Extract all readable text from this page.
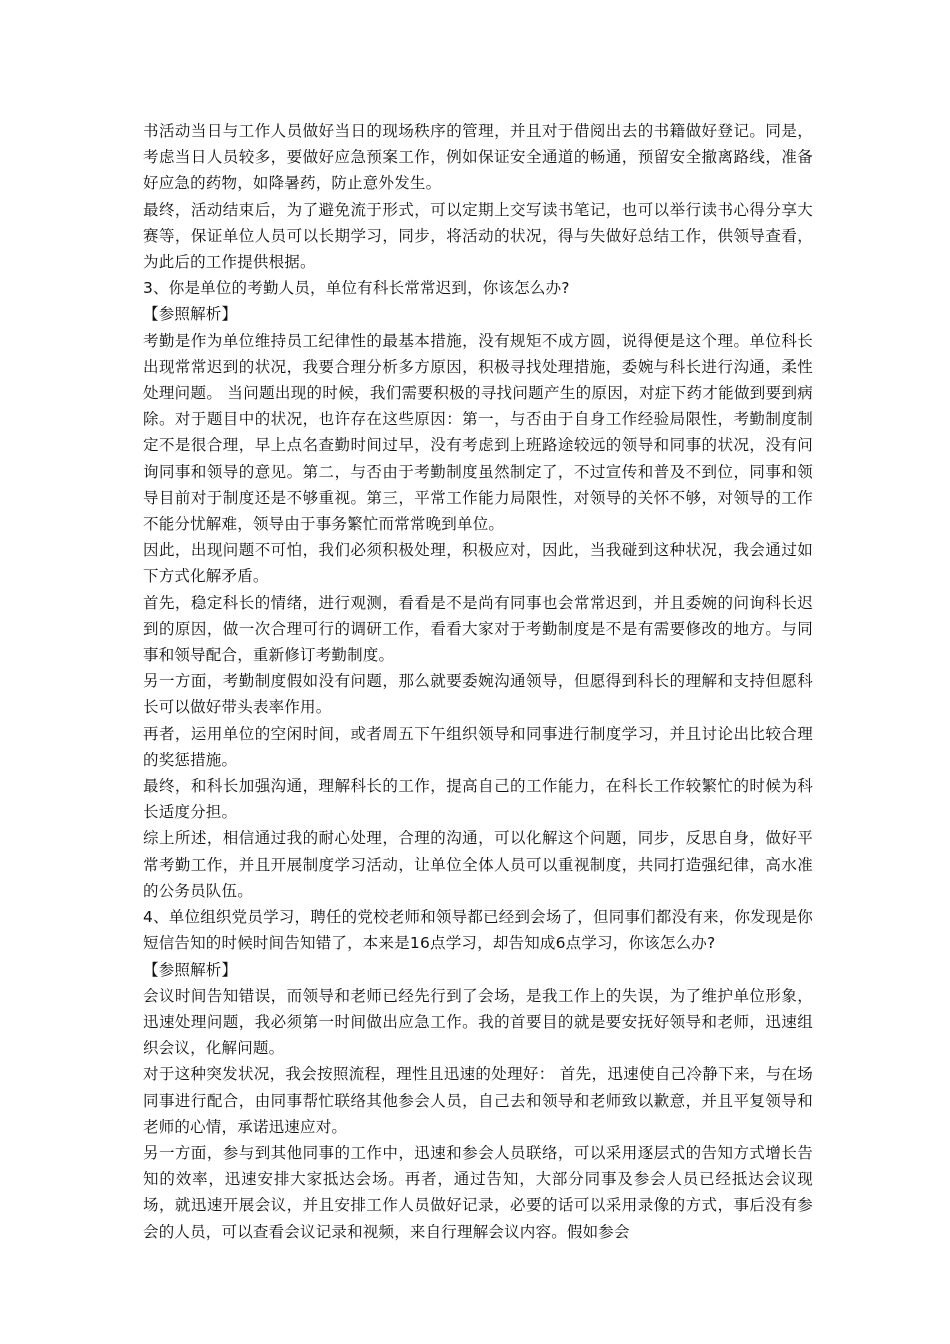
书活动当日与工作人员做好当日的现场秩序的管理，并且对于借阅出去的书籍做好登记。同是，考虑当日人员较多，要做好应急预案工作，例如保证安全通道的畅通，预留安全撤离路线，准备好应急的药物，如降暑药，防止意外发生。

最终，活动结束后，为了避免流于形式，可以定期上交写读书笔记，也可以举行读书心得分享大赛等，保证单位人员可以长期学习，同步，将活动的状况，得与失做好总结工作，供领导查看，为此后的工作提供根据。

3、你是单位的考勤人员，单位有科长常常迟到，你该怎么办?

【参照解析】

考勤是作为单位维持员工纪律性的最基本措施，没有规矩不成方圆，说得便是这个理。单位科长出现常常迟到的状况，我要合理分析多方原因，积极寻找处理措施，委婉与科长进行沟通，柔性处理问题。 当问题出现的时候，我们需要积极的寻找问题产生的原因，对症下药才能做到要到病除。对于题目中的状况，也许存在这些原因：第一，与否由于自身工作经验局限性，考勤制度制定不是很合理，早上点名查勤时间过早，没有考虑到上班路途较远的领导和同事的状况，没有问询同事和领导的意见。第二，与否由于考勤制度虽然制定了，不过宣传和普及不到位，同事和领导目前对于制度还是不够重视。第三，平常工作能力局限性，对领导的关怀不够，对领导的工作不能分忧解难，领导由于事务繁忙而常常晚到单位。

因此，出现问题不可怕，我们必须积极处理，积极应对，因此，当我碰到这种状况，我会通过如下方式化解矛盾。

首先，稳定科长的情绪，进行观测，看看是不是尚有同事也会常常迟到，并且委婉的问询科长迟到的原因，做一次合理可行的调研工作，看看大家对于考勤制度是不是有需要修改的地方。与同事和领导配合，重新修订考勤制度。

另一方面，考勤制度假如没有问题，那么就要委婉沟通领导，但愿得到科长的理解和支持但愿科长可以做好带头表率作用。

再者，运用单位的空闲时间，或者周五下午组织领导和同事进行制度学习，并且讨论出比较合理的奖惩措施。

最终，和科长加强沟通，理解科长的工作，提高自己的工作能力，在科长工作较繁忙的时候为科长适度分担。

综上所述，相信通过我的耐心处理，合理的沟通，可以化解这个问题，同步，反思自身，做好平常考勤工作，并且开展制度学习活动，让单位全体人员可以重视制度，共同打造强纪律，高水准的公务员队伍。

4、单位组织党员学习，聘任的党校老师和领导都已经到会场了，但同事们都没有来，你发现是你短信告知的时候时间告知错了，本来是16点学习，却告知成6点学习，你该怎么办?

【参照解析】

会议时间告知错误，而领导和老师已经先行到了会场，是我工作上的失误，为了维护单位形象，迅速处理问题，我必须第一时间做出应急工作。我的首要目的就是要安抚好领导和老师，迅速组织会议，化解问题。

对于这种突发状况，我会按照流程，理性且迅速的处理好： 首先，迅速使自己冷静下来，与在场同事进行配合，由同事帮忙联络其他参会人员，自己去和领导和老师致以歉意，并且平复领导和老师的心情，承诺迅速应对。

另一方面，参与到其他同事的工作中，迅速和参会人员联络，可以采用逐层式的告知方式增长告知的效率，迅速安排大家抵达会场。再者，通过告知，大部分同事及参会人员已经抵达会议现场，就迅速开展会议，并且安排工作人员做好记录，必要的话可以采用录像的方式，事后没有参会的人员，可以查看会议记录和视频，来自行理解会议内容。假如参会
